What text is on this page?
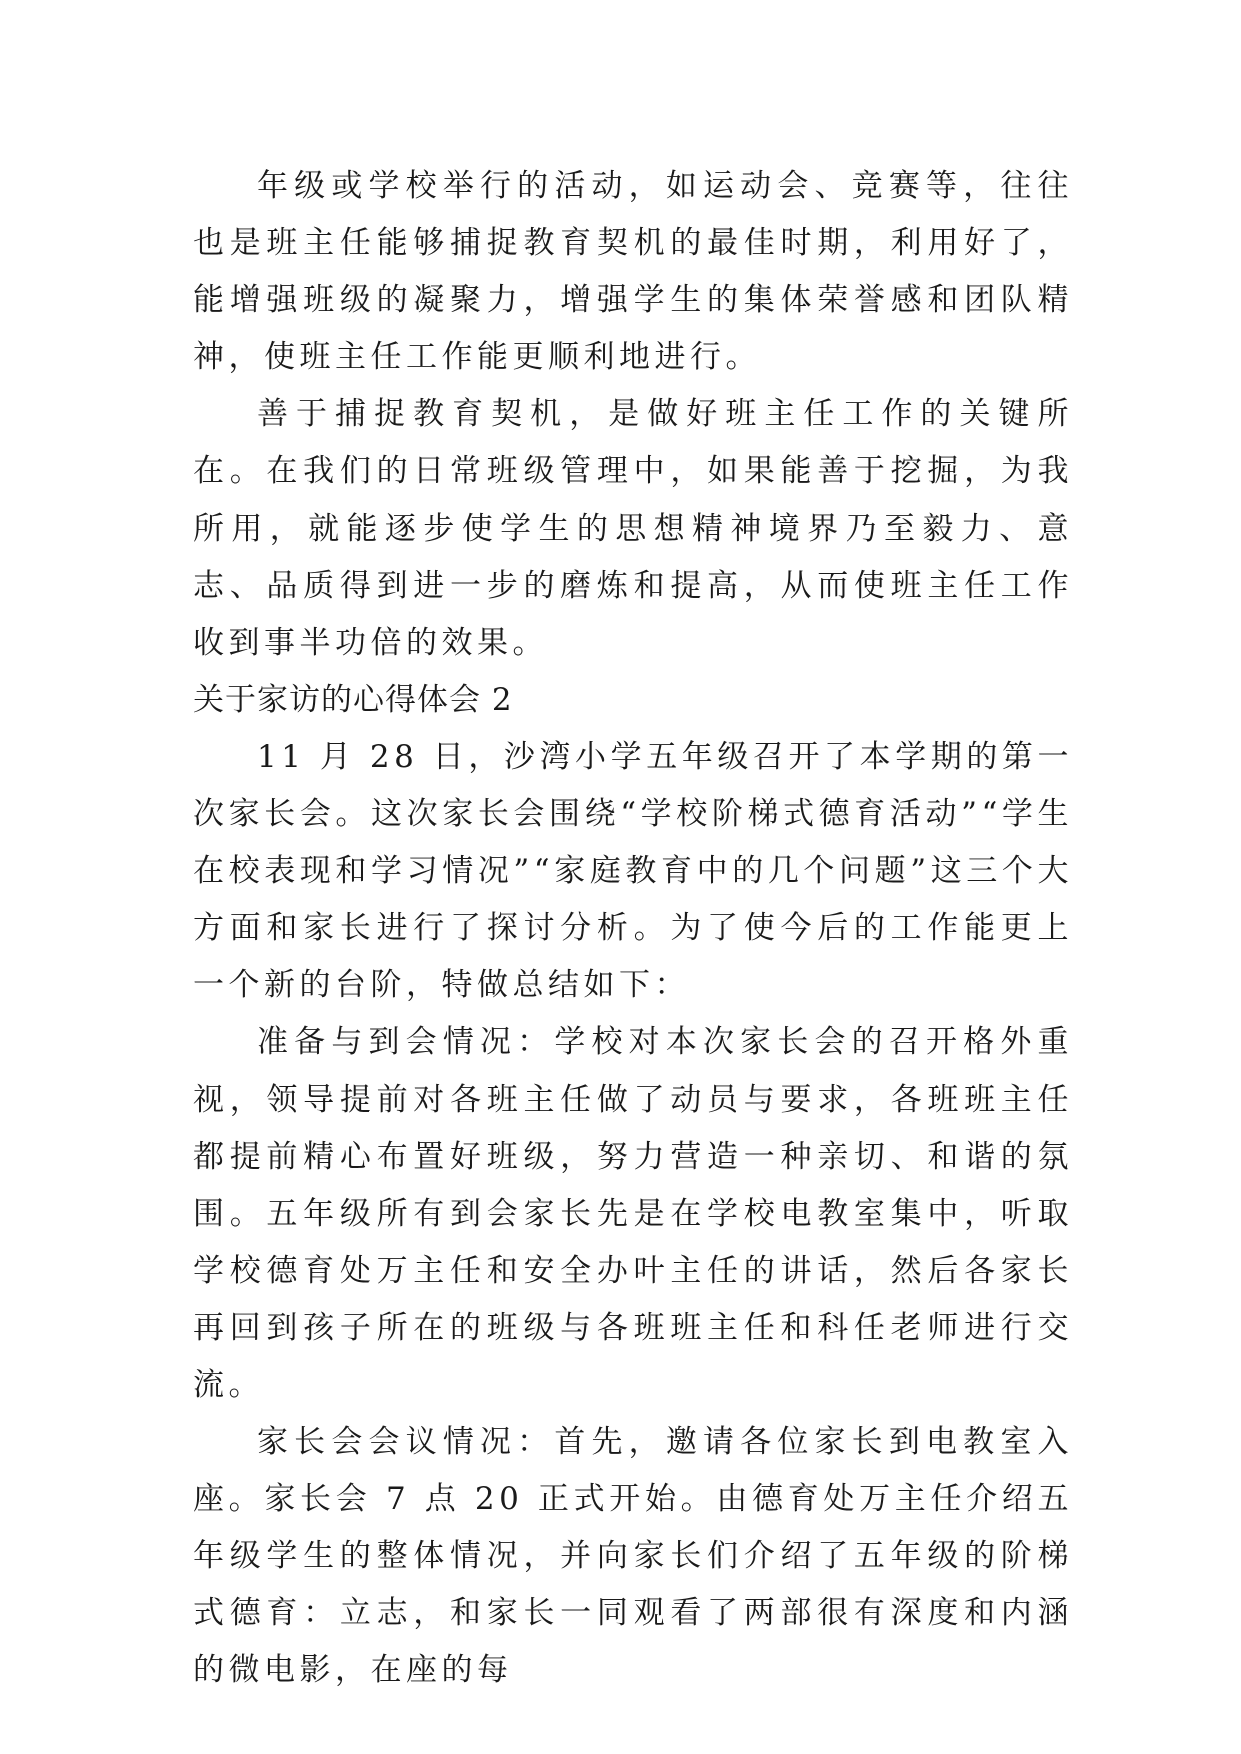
年级或学校举行的活动，如运动会、竞赛等，往往也是班主任能够捕捉教育契机的最佳时期，利用好了，能增强班级的凝聚力，增强学生的集体荣誉感和团队精神，使班主任工作能更顺利地进行。

善于捕捉教育契机，是做好班主任工作的关键所在。在我们的日常班级管理中，如果能善于挖掘，为我所用，就能逐步使学生的思想精神境界乃至毅力、意志、品质得到进一步的磨炼和提高，从而使班主任工作收到事半功倍的效果。

关于家访的心得体会 2

11 月 28 日，沙湾小学五年级召开了本学期的第一次家长会。这次家长会围绕“学校阶梯式德育活动”“学生在校表现和学习情况”“家庭教育中的几个问题”这三个大方面和家长进行了探讨分析。为了使今后的工作能更上一个新的台阶，特做总结如下：

准备与到会情况：学校对本次家长会的召开格外重视，领导提前对各班主任做了动员与要求，各班班主任都提前精心布置好班级，努力营造一种亲切、和谐的氛围。五年级所有到会家长先是在学校电教室集中，听取学校德育处万主任和安全办叶主任的讲话，然后各家长再回到孩子所在的班级与各班班主任和科任老师进行交流。

家长会会议情况：首先，邀请各位家长到电教室入座。家长会 7 点 20 正式开始。由德育处万主任介绍五年级学生的整体情况，并向家长们介绍了五年级的阶梯式德育：立志，和家长一同观看了两部很有深度和内涵的微电影，在座的每
